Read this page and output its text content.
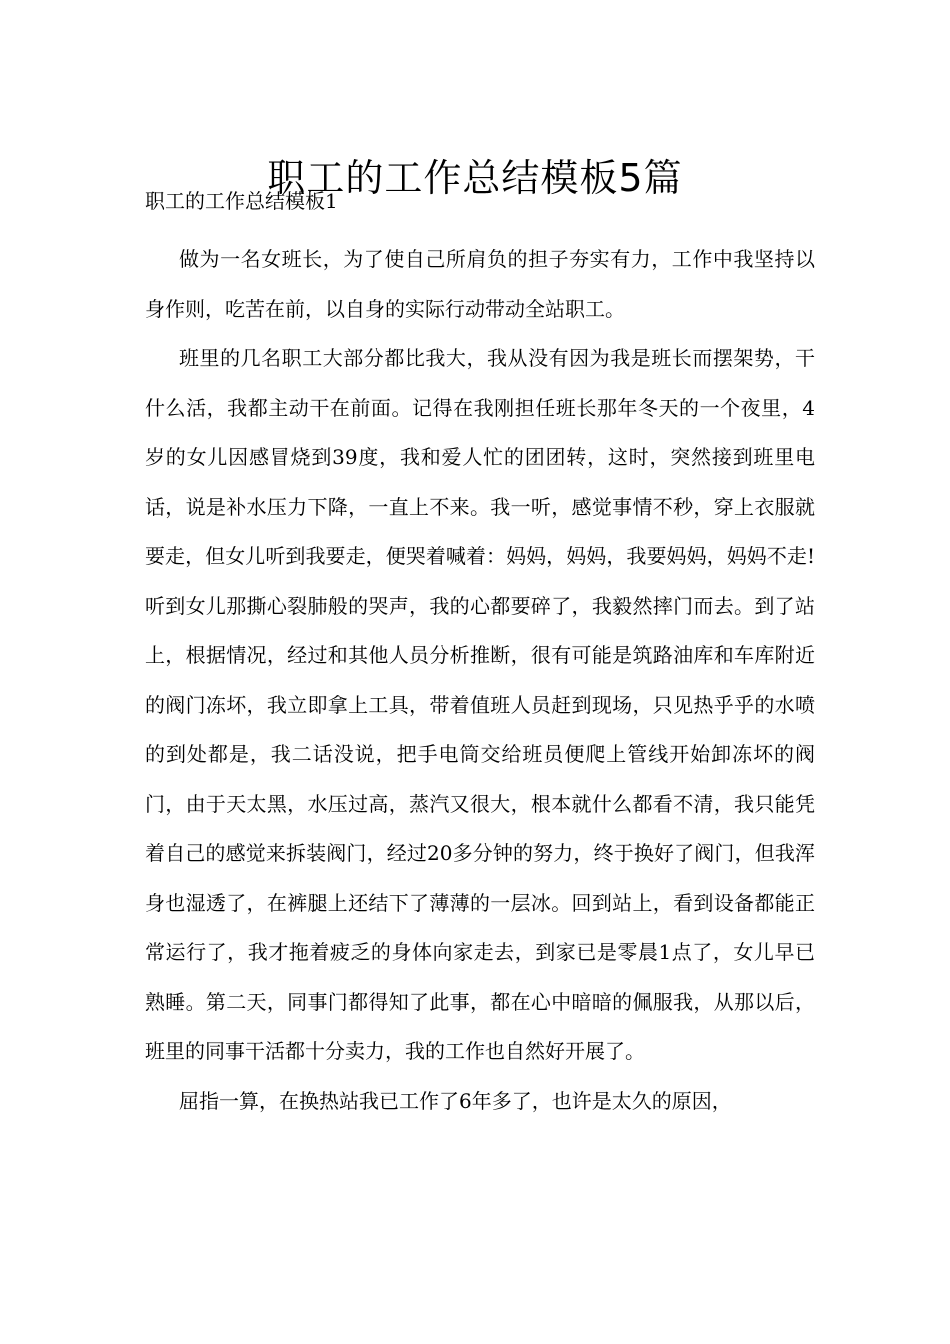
职工的工作总结模板5篇

职工的工作总结模板1

做为一名女班长，为了使自己所肩负的担子夯实有力，工作中我坚持以身作则，吃苦在前，以自身的实际行动带动全站职工。

班里的几名职工大部分都比我大，我从没有因为我是班长而摆架势，干什么活，我都主动干在前面。记得在我刚担任班长那年冬天的一个夜里，4岁的女儿因感冒烧到39度，我和爱人忙的团团转，这时，突然接到班里电话，说是补水压力下降，一直上不来。我一听，感觉事情不秒，穿上衣服就要走，但女儿听到我要走，便哭着喊着：妈妈，妈妈，我要妈妈，妈妈不走!听到女儿那撕心裂肺般的哭声，我的心都要碎了，我毅然摔门而去。到了站上，根据情况，经过和其他人员分析推断，很有可能是筑路油库和车库附近的阀门冻坏，我立即拿上工具，带着值班人员赶到现场，只见热乎乎的水喷的到处都是，我二话没说，把手电筒交给班员便爬上管线开始卸冻坏的阀门，由于天太黑，水压过高，蒸汽又很大，根本就什么都看不清，我只能凭着自己的感觉来拆装阀门，经过20多分钟的努力，终于换好了阀门，但我浑身也湿透了，在裤腿上还结下了薄薄的一层冰。回到站上，看到设备都能正常运行了，我才拖着疲乏的身体向家走去，到家已是零晨1点了，女儿早已熟睡。第二天，同事门都得知了此事，都在心中暗暗的佩服我，从那以后，班里的同事干活都十分卖力，我的工作也自然好开展了。

屈指一算，在换热站我已工作了6年多了，也许是太久的原因，
